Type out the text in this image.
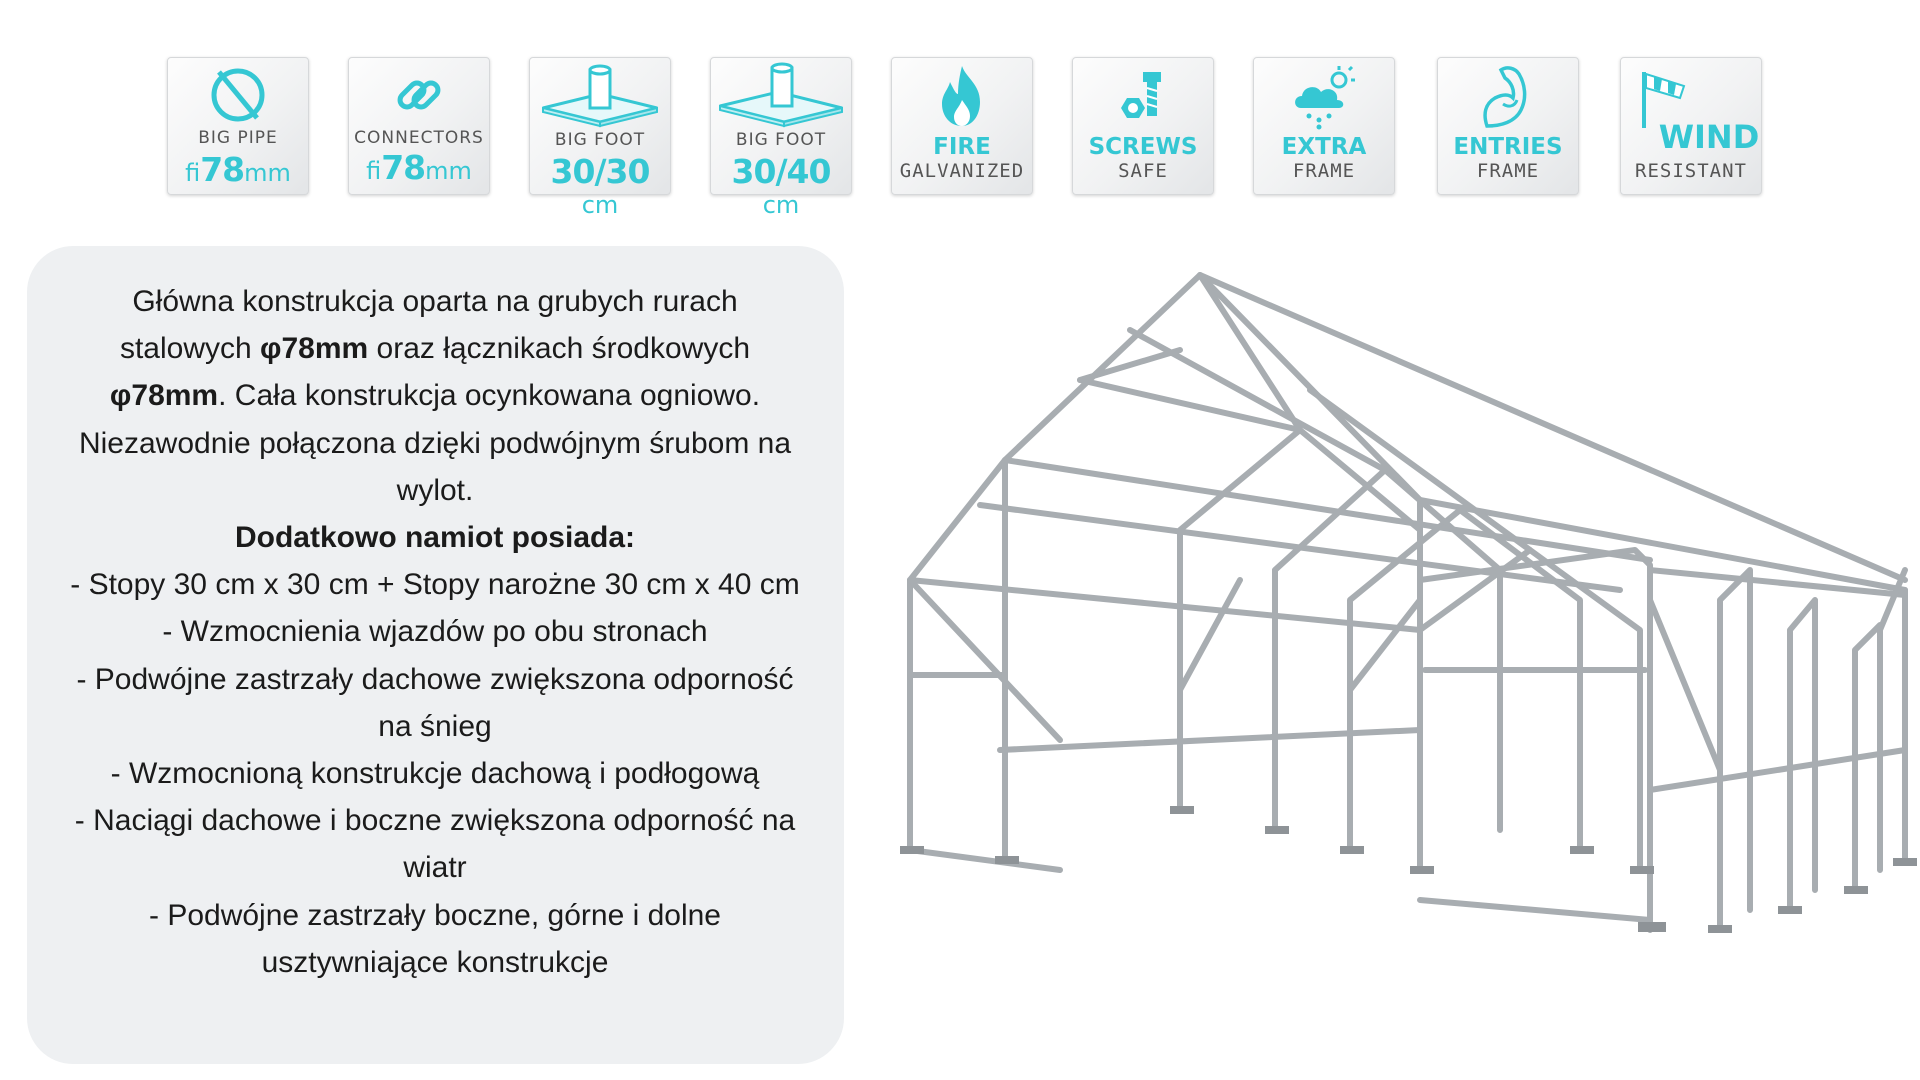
BIG PIPE
fi78mm
CONNECTORS
fi78mm
BIG FOOT
30/30 cm
BIG FOOT
30/40 cm
FIRE
GALVANIZED
SCREWS
SAFE
EXTRA
FRAME
ENTRIES
FRAME
WIND
RESISTANT

Główna konstrukcja oparta na grubych rurach stalowych φ78mm oraz łącznikach środkowych φ78mm. Cała konstrukcja ocynkowana ogniowo. Niezawodnie połączona dzięki podwójnym śrubom na wylot.

Dodatkowo namiot posiada:

- Stopy 30 cm x 30 cm + Stopy narożne 30 cm x 40 cm

- Wzmocnienia wjazdów po obu stronach

- Podwójne zastrzały dachowe zwiększona odporność na śnieg

- Wzmocnioną konstrukcje dachową i podłogową

- Naciągi dachowe i boczne zwiększona odporność na wiatr

- Podwójne zastrzały boczne, górne i dolne usztywniające konstrukcje
